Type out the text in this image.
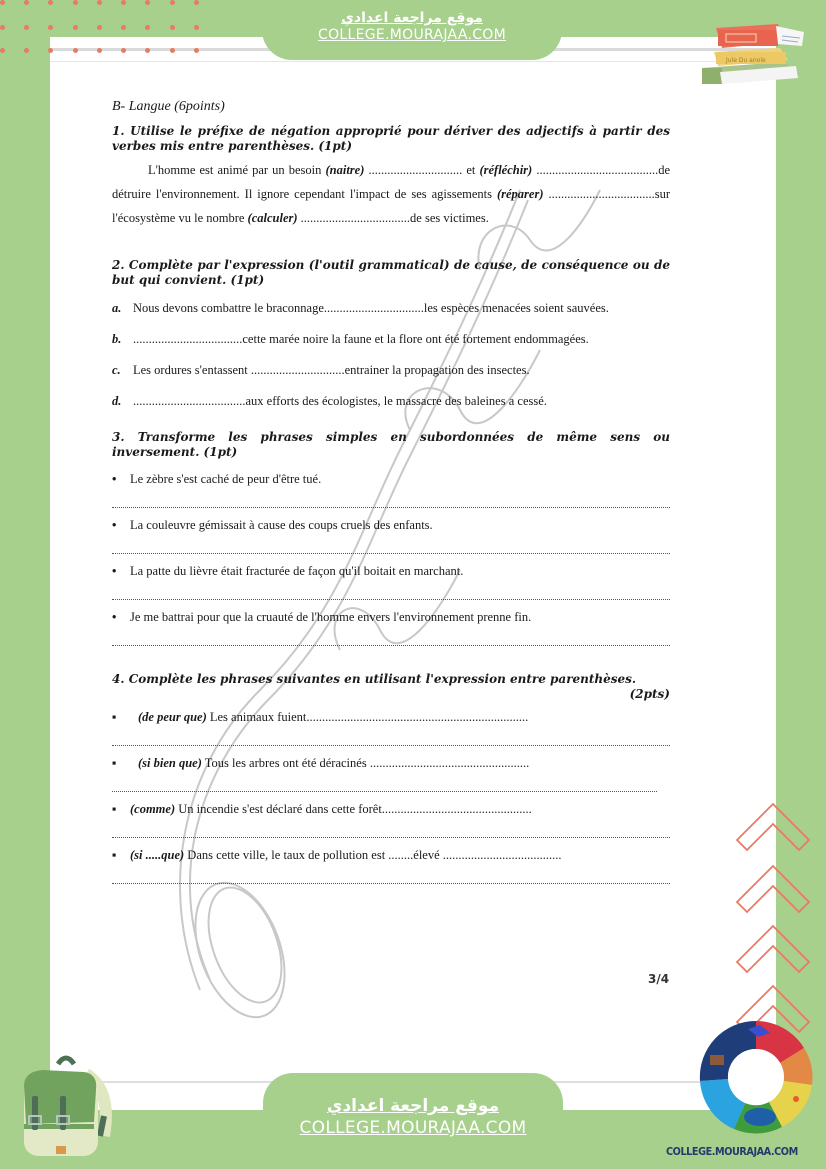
موقع مراجعة اعدادي
COLLEGE.MOURAJAA.COM
Jule Du anole
B- Langue (6points)
1. Utilise le préfixe de négation approprié pour dériver des adjectifs à partir des verbes mis entre parenthèses. (1pt)
L'homme est animé par un besoin (naitre) .............................. et (réfléchir) .......................................de détruire l'environnement. Il ignore cependant l'impact de ses agissements (réparer) ..................................sur l'écosystème vu le nombre (calculer) ...................................de ses victimes.
2. Complète par l'expression (l'outil grammatical) de cause, de conséquence ou de but qui convient. (1pt)
a. Nous devons combattre le braconnage................................les espèces menacées soient sauvées.
b. ...................................cette marée noire la faune et la flore ont été fortement endommagées.
c. Les ordures s'entassent ..............................entrainer la propagation des insectes.
d. ....................................aux efforts des écologistes, le massacre des baleines a cessé.
3. Transforme les phrases simples en subordonnées de même sens ou inversement. (1pt)
•	Le zèbre s'est caché de peur d'être tué.
•	La couleuvre gémissait à cause des coups cruels des enfants.
•	La patte du lièvre était fracturée de façon qu'il boitait en marchant.
•	Je me battrai pour que la cruauté de l'homme envers l'environnement prenne fin.
4. Complète les phrases suivantes en utilisant l'expression entre parenthèses.
(2pts)
▪	(de peur que) Les animaux fuient.......................................................................
▪	(si bien que) Tous les arbres ont été déracinés ...................................................
▪	(comme) Un incendie s'est déclaré dans cette forêt................................................
▪	(si .....que) Dans cette ville, le taux de pollution est ........élevé ......................................
3/4
موقع مراجعة اعدادي
COLLEGE.MOURAJAA.COM
COLLEGE.MOURAJAA.COM
